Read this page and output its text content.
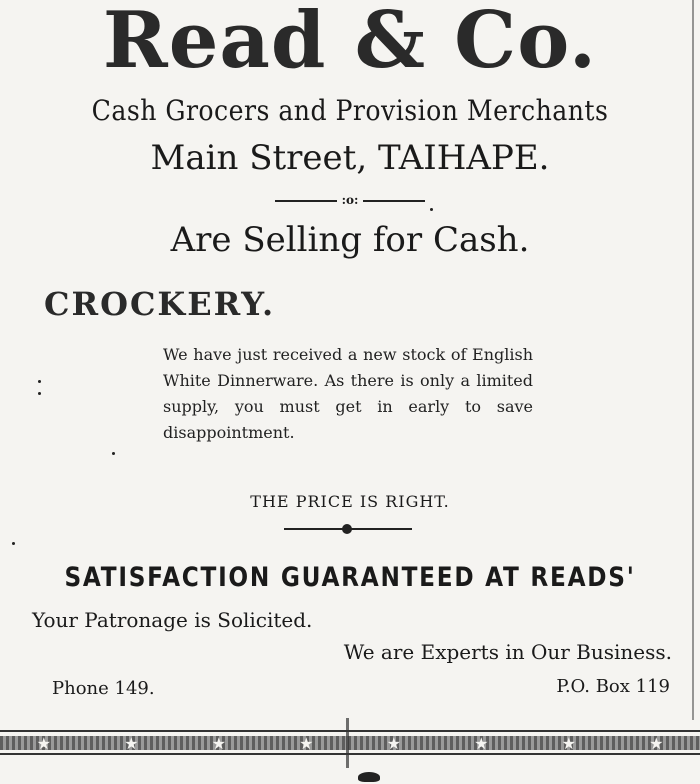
Read & Co.
Cash Grocers and Provision Merchants
Main Street, TAIHAPE.
:o:
Are Selling for Cash.
CROCKERY.
We have just received a new stock of English White Dinnerware. As there is only a limited supply, you must get in early to save disappointment.
THE PRICE IS RIGHT.
SATISFACTION GUARANTEED AT READS'
Your Patronage is Solicited.
We are Experts in Our Business.
Phone 149.	P.O. Box 119
★	★	★	★	★	★	★	★
